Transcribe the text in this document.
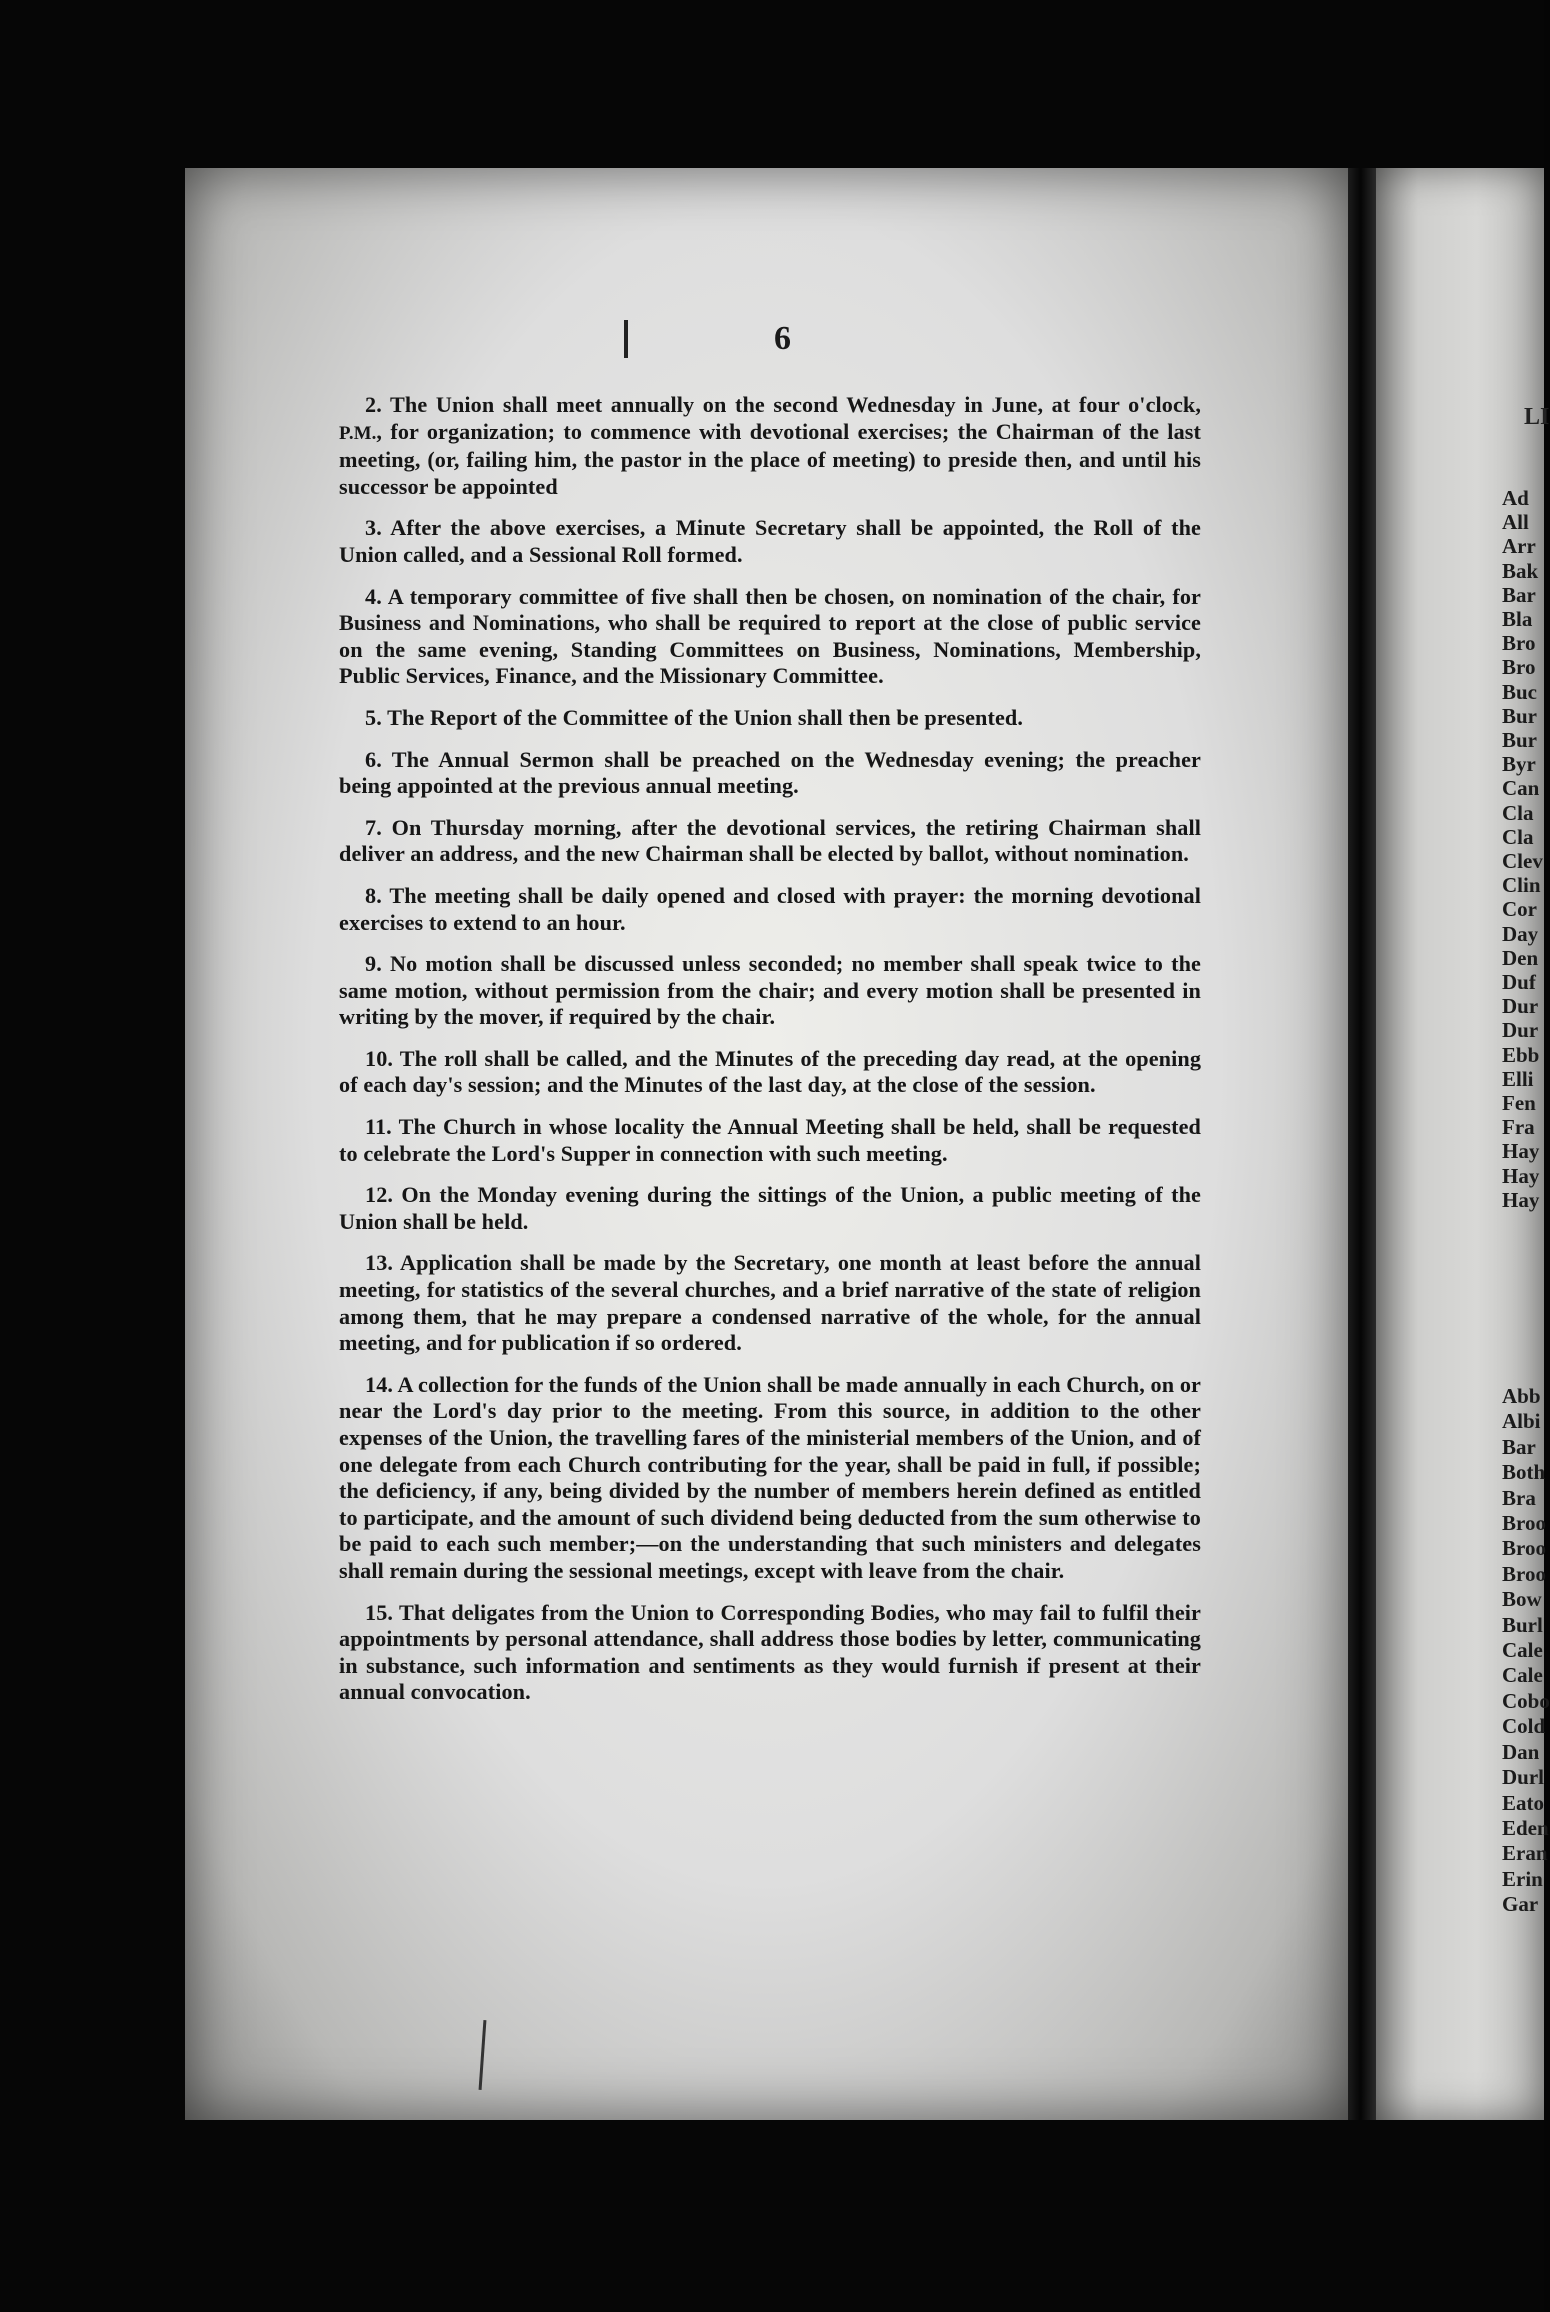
6

2. The Union shall meet annually on the second Wednesday in June, at four o'clock, P.M., for organization; to commence with devotional exercises; the Chairman of the last meeting, (or, failing him, the pastor in the place of meeting) to preside then, and until his successor be appointed

3. After the above exercises, a Minute Secretary shall be appointed, the Roll of the Union called, and a Sessional Roll formed.

4. A temporary committee of five shall then be chosen, on nomination of the chair, for Business and Nominations, who shall be required to report at the close of public service on the same evening, Standing Committees on Business, Nominations, Membership, Public Services, Finance, and the Missionary Committee.

5. The Report of the Committee of the Union shall then be presented.

6. The Annual Sermon shall be preached on the Wednesday evening; the preacher being appointed at the previous annual meeting.

7. On Thursday morning, after the devotional services, the retiring Chairman shall deliver an address, and the new Chairman shall be elected by ballot, without nomination.

8. The meeting shall be daily opened and closed with prayer: the morning devotional exercises to extend to an hour.

9. No motion shall be discussed unless seconded; no member shall speak twice to the same motion, without permission from the chair; and every motion shall be presented in writing by the mover, if required by the chair.

10. The roll shall be called, and the Minutes of the preceding day read, at the opening of each day's session; and the Minutes of the last day, at the close of the session.

11. The Church in whose locality the Annual Meeting shall be held, shall be requested to celebrate the Lord's Supper in connection with such meeting.

12. On the Monday evening during the sittings of the Union, a public meeting of the Union shall be held.

13. Application shall be made by the Secretary, one month at least before the annual meeting, for statistics of the several churches, and a brief narrative of the state of religion among them, that he may prepare a condensed narrative of the whole, for the annual meeting, and for publication if so ordered.

14. A collection for the funds of the Union shall be made annually in each Church, on or near the Lord's day prior to the meeting. From this source, in addition to the other expenses of the Union, the travelling fares of the ministerial members of the Union, and of one delegate from each Church contributing for the year, shall be paid in full, if possible; the deficiency, if any, being divided by the number of members herein defined as entitled to participate, and the amount of such dividend being deducted from the sum otherwise to be paid to each such member;—on the understanding that such ministers and delegates shall remain during the sessional meetings, except with leave from the chair.

15. That deligates from the Union to Corresponding Bodies, who may fail to fulfil their appointments by personal attendance, shall address those bodies by letter, communicating in substance, such information and sentiments as they would furnish if present at their annual convocation.

LI
Ad
All
Arr
Bak
Bar
Bla
Bro
Bro
Buc
Bur
Bur
Byr
Can
Cla
Cla
Clev
Clin
Cor
Day
Den
Duf
Dur
Dur
Ebb
Elli
Fen
Fra
Hay
Hay
Hay
Abb
Albi
Bar
Both
Bra
Broo
Broo
Broo
Bow
Burl
Cale
Cale
Cobo
Cold
Dan
Durl
Eato
Eden
Eran
Erin
Gar
